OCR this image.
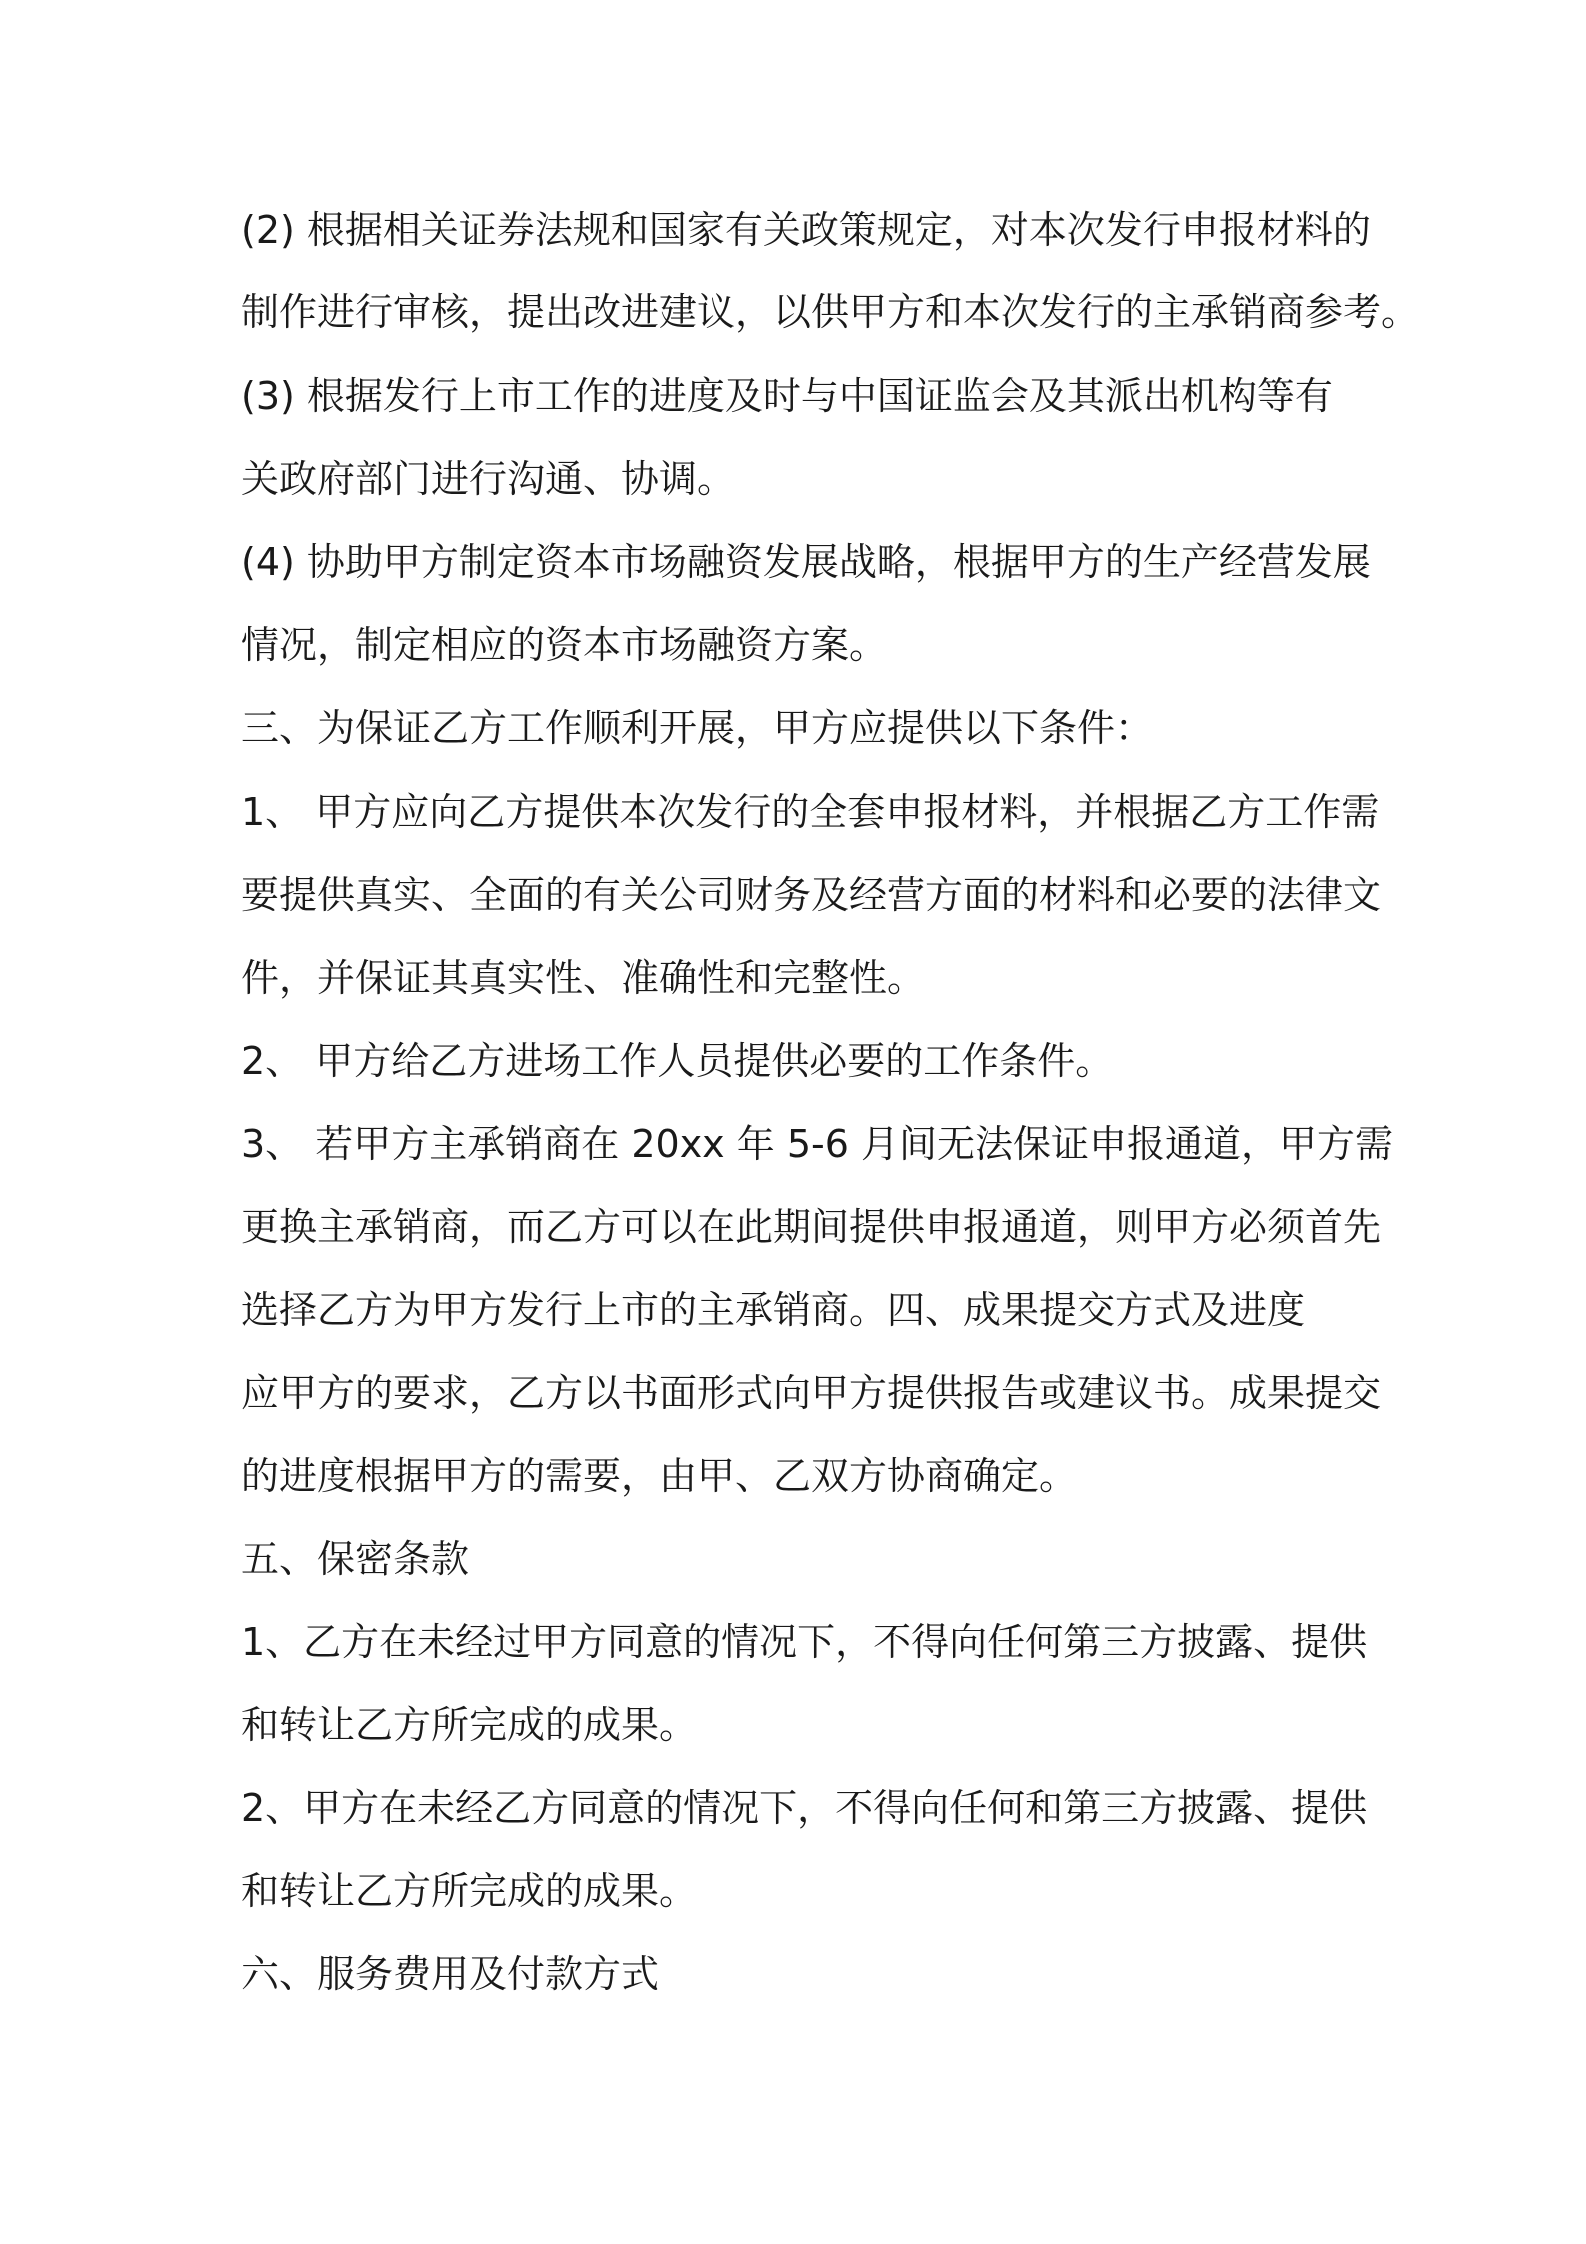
(2) 根据相关证券法规和国家有关政策规定，对本次发行申报材料的
制作进行审核，提出改进建议，以供甲方和本次发行的主承销商参考。
(3) 根据发行上市工作的进度及时与中国证监会及其派出机构等有
关政府部门进行沟通、协调。
(4) 协助甲方制定资本市场融资发展战略，根据甲方的生产经营发展
情况，制定相应的资本市场融资方案。
三、为保证乙方工作顺利开展，甲方应提供以下条件：
1、 甲方应向乙方提供本次发行的全套申报材料，并根据乙方工作需
要提供真实、全面的有关公司财务及经营方面的材料和必要的法律文
件，并保证其真实性、准确性和完整性。
2、 甲方给乙方进场工作人员提供必要的工作条件。
3、 若甲方主承销商在 20xx 年 5-6 月间无法保证申报通道，甲方需
更换主承销商，而乙方可以在此期间提供申报通道，则甲方必须首先
选择乙方为甲方发行上市的主承销商。四、成果提交方式及进度
应甲方的要求，乙方以书面形式向甲方提供报告或建议书。成果提交
的进度根据甲方的需要，由甲、乙双方协商确定。
五、保密条款
1、乙方在未经过甲方同意的情况下，不得向任何第三方披露、提供
和转让乙方所完成的成果。
2、甲方在未经乙方同意的情况下，不得向任何和第三方披露、提供
和转让乙方所完成的成果。
六、服务费用及付款方式
